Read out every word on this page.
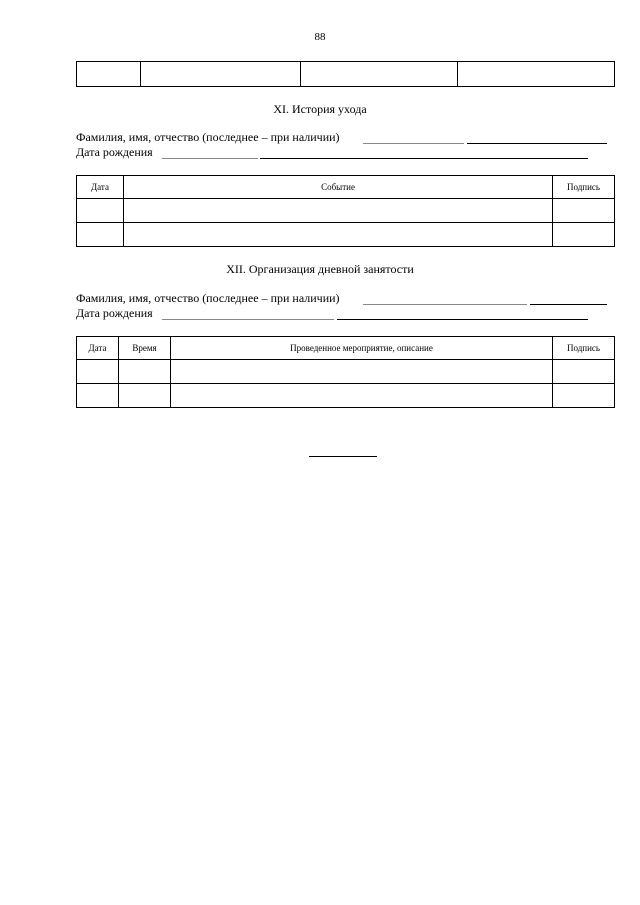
88

XI. История ухода
Фамилия, имя, отчество (последнее – при наличии)
Дата рождения
Дата	Событие	Подпись

XII. Организация дневной занятости
Фамилия, имя, отчество (последнее – при наличии)
Дата рождения
Дата	Время	Проведенное мероприятие, описание	Подпись
